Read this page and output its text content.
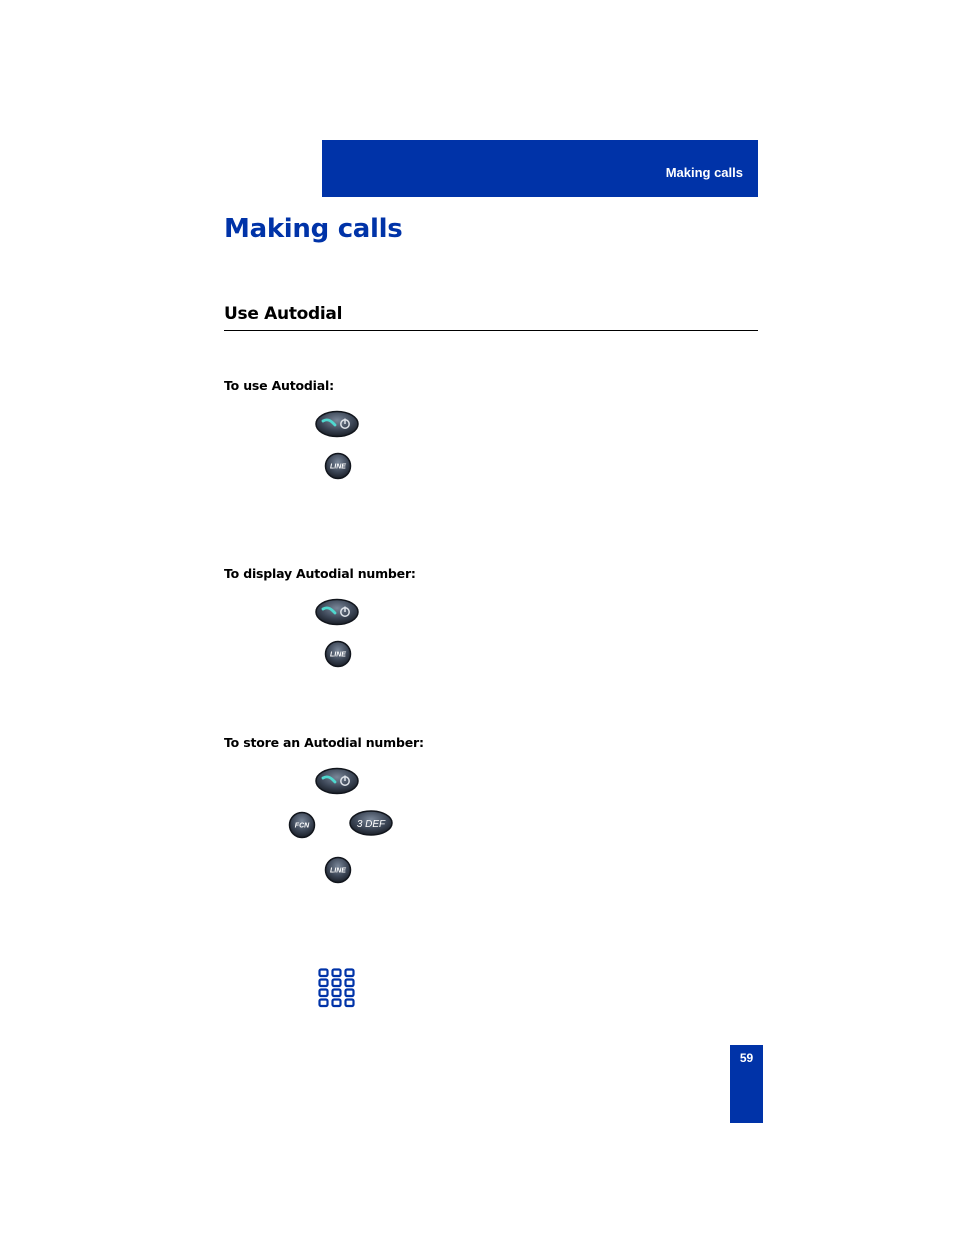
Making calls
Making calls
Use Autodial

To use Autodial:

LINE

To display Autodial number:

LINE

To store an Autodial number:

FCN	3 DEF
LINE
59
